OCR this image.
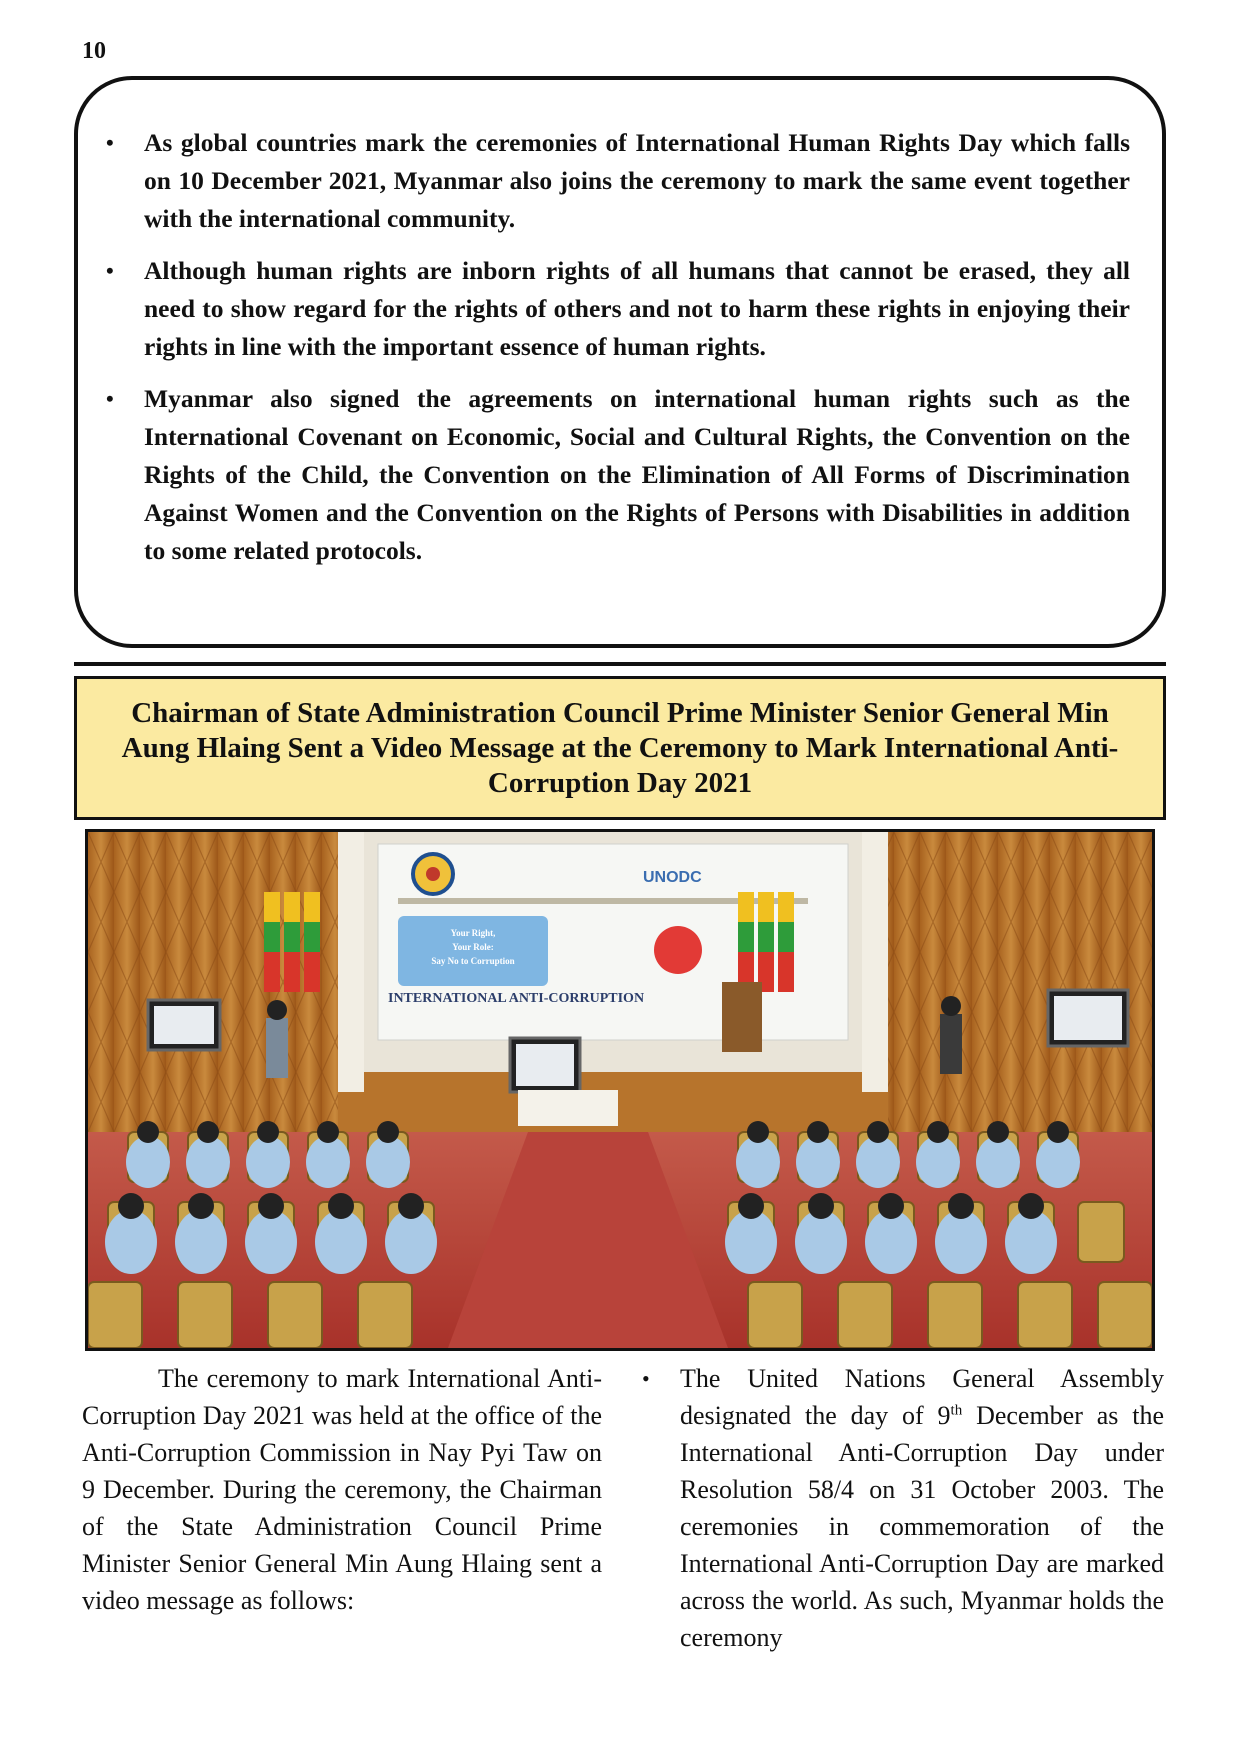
10
• As global countries mark the ceremonies of International Human Rights Day which falls on 10 December 2021, Myanmar also joins the ceremony to mark the same event together with the international community.
• Although human rights are inborn rights of all humans that cannot be erased, they all need to show regard for the rights of others and not to harm these rights in enjoying their rights in line with the important essence of human rights.
• Myanmar also signed the agreements on international human rights such as the International Covenant on Economic, Social and Cultural Rights, the Convention on the Rights of the Child, the Convention on the Elimination of All Forms of Discrimination Against Women and the Convention on the Rights of Persons with Disabilities in addition to some related protocols.
Chairman of State Administration Council Prime Minister Senior General Min Aung Hlaing Sent a Video Message at the Ceremony to Mark International Anti-Corruption Day 2021
UNODC
Your Right,
Your Role:
Say No to Corruption
INTERNATIONAL ANTI-CORRUPTION

The ceremony to mark International Anti-Corruption Day 2021 was held at the office of the Anti-Corruption Commission in Nay Pyi Taw on 9 December. During the ceremony, the Chairman of the State Administration Council Prime Minister Senior General Min Aung Hlaing sent a video message as follows:

• The United Nations General Assembly designated the day of 9th December as the International Anti-Corruption Day under Resolution 58/4 on 31 October 2003. The ceremonies in commemoration of the International Anti-Corruption Day are marked across the world. As such, Myanmar holds the ceremony
